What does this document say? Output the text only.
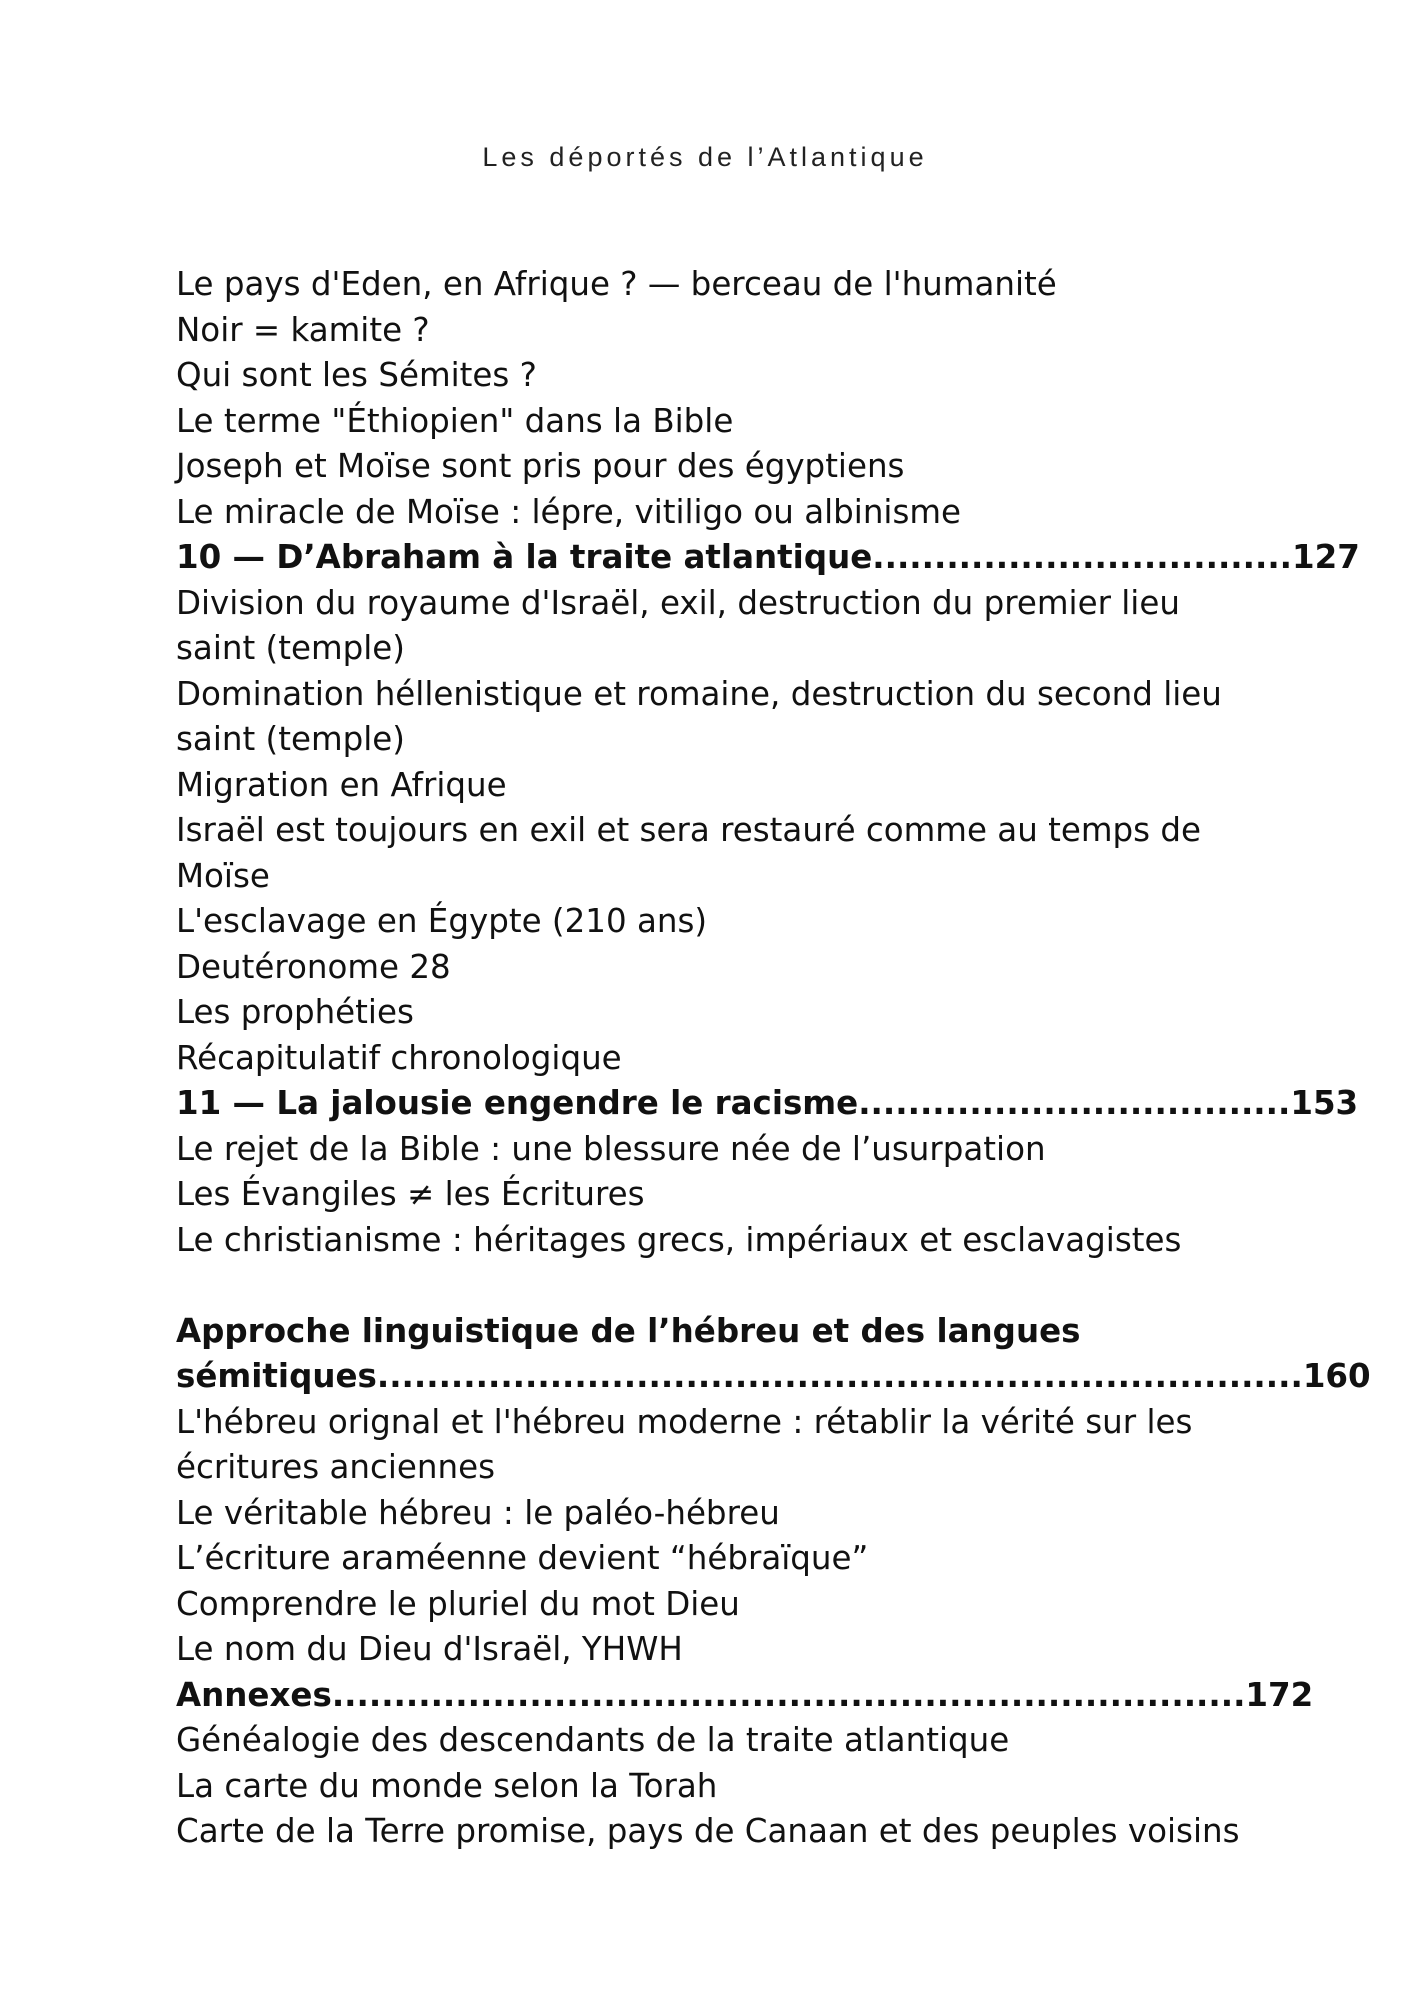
Les déportés de l’Atlantique
Le pays d'Eden, en Afrique ? — berceau de l'humanité
Noir = kamite ?
Qui sont les Sémites ?
Le terme "Éthiopien" dans la Bible
Joseph et Moïse sont pris pour des égyptiens
Le miracle de Moïse : lépre, vitiligo ou albinisme
10 — D’Abraham à la traite atlantique..................................127
Division du royaume d'Israël, exil, destruction du premier lieu saint (temple)
Domination héllenistique et romaine, destruction du second lieu saint (temple)
Migration en Afrique
Israël est toujours en exil et sera restauré comme au temps de Moïse
L'esclavage en Égypte (210 ans)
Deutéronome 28
Les prophéties
Récapitulatif chronologique
11 — La jalousie engendre le racisme...................................153
Le rejet de la Bible : une blessure née de l’usurpation
Les Évangiles ≠ les Écritures
Le christianisme : héritages grecs, impériaux et esclavagistes
Approche linguistique de l’hébreu et des langues sémitiques...........................................................................160
L'hébreu orignal et l'hébreu moderne : rétablir la vérité sur les écritures anciennes
Le véritable hébreu : le paléo-hébreu
L’écriture araméenne devient “hébraïque”
Comprendre le pluriel du mot Dieu
Le nom du Dieu d'Israël, YHWH
Annexes..........................................................................172
Généalogie des descendants de la traite atlantique
La carte du monde selon la Torah
Carte de la Terre promise, pays de Canaan et des peuples voisins
